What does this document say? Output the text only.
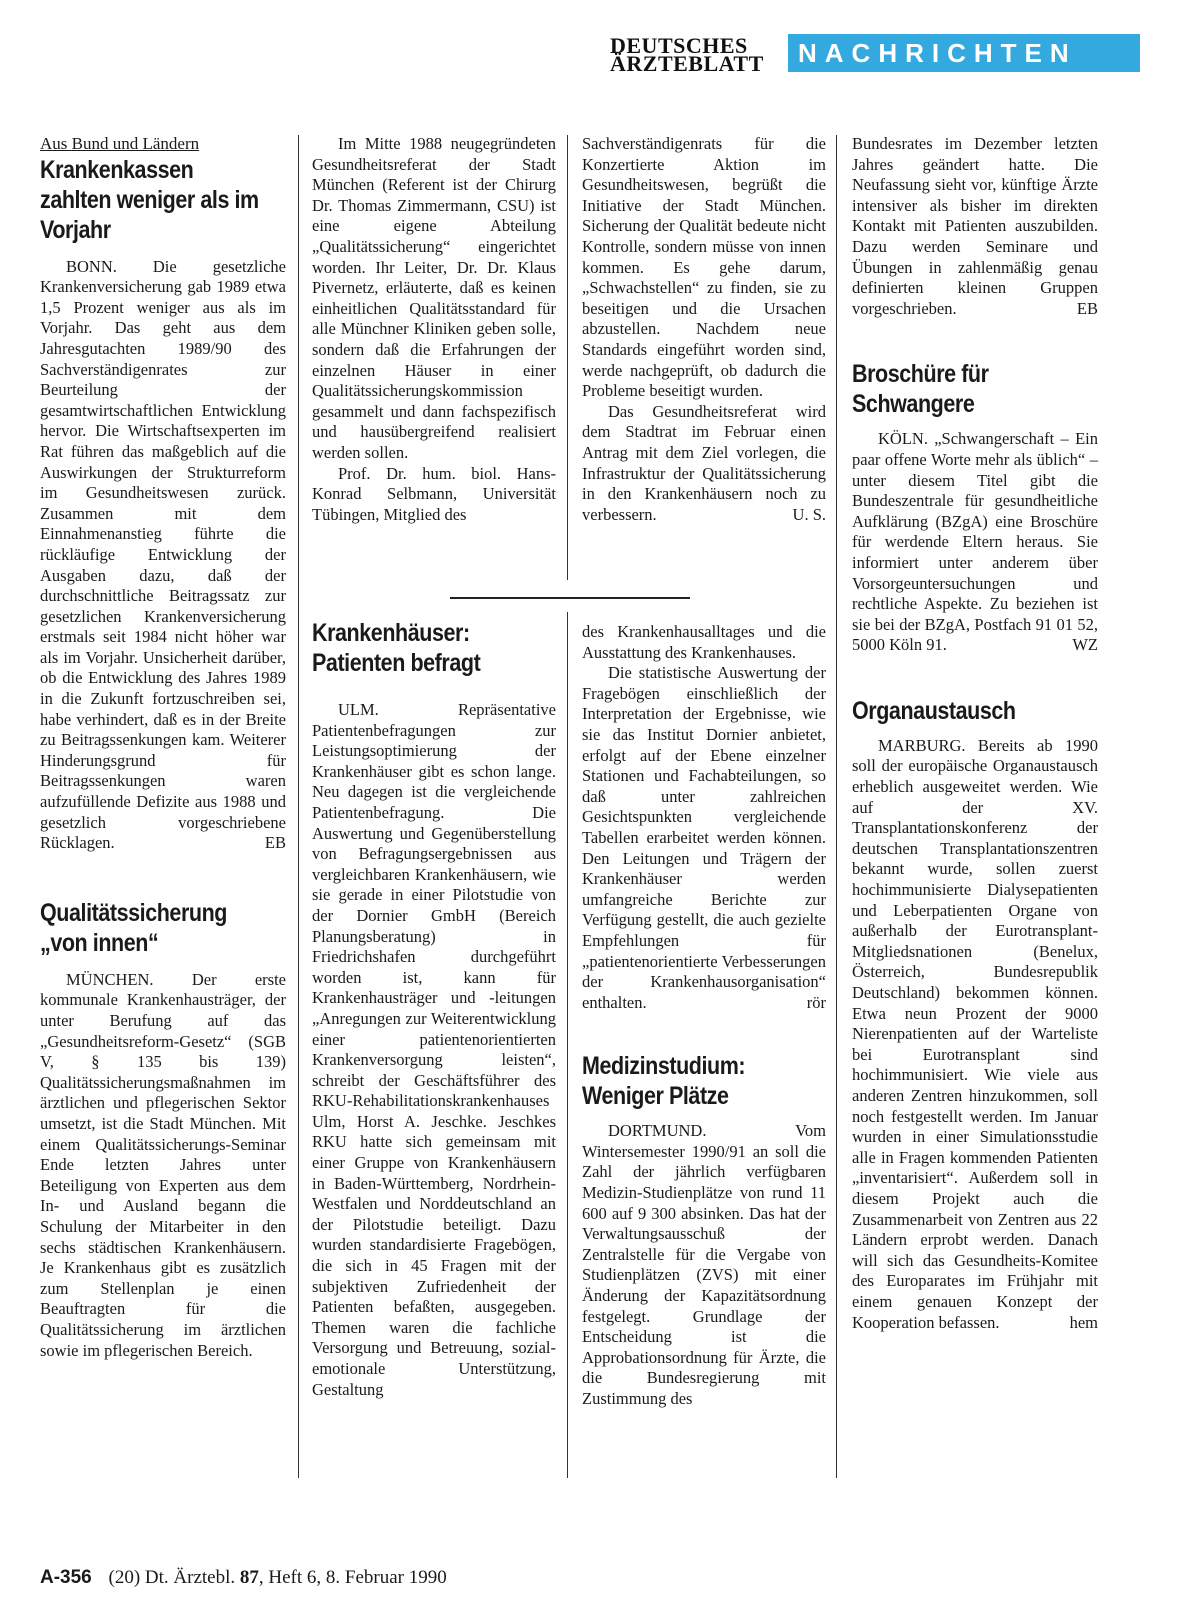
DEUTSCHES
ÄRZTEBLATT	NACHRICHTEN

Aus Bund und Ländern

Krankenkassen zahlten weniger als im Vorjahr

BONN. Die gesetzliche Krankenversicherung gab 1989 etwa 1,5 Prozent weniger aus als im Vorjahr. Das geht aus dem Jahresgutachten 1989/90 des Sachverständigenrates zur Beurteilung der gesamtwirtschaftlichen Entwicklung hervor. Die Wirtschaftsexperten im Rat führen das maßgeblich auf die Auswirkungen der Strukturreform im Gesundheitswesen zurück. Zusammen mit dem Einnahmenanstieg führte die rückläufige Entwicklung der Ausgaben dazu, daß der durchschnittliche Beitragssatz zur gesetzlichen Krankenversicherung erstmals seit 1984 nicht höher war als im Vorjahr. Unsicherheit darüber, ob die Entwicklung des Jahres 1989 in die Zukunft fortzuschreiben sei, habe verhindert, daß es in der Breite zu Beitragssenkungen kam. Weiterer Hinderungsgrund für Beitragssenkungen waren aufzufüllende Defizite aus 1988 und gesetzlich vorgeschriebene Rücklagen.	EB

Qualitätssicherung „von innen“

MÜNCHEN. Der erste kommunale Krankenhausträger, der unter Berufung auf das „Gesundheitsreform-Gesetz“ (SGB V, § 135 bis 139) Qualitätssicherungsmaßnahmen im ärztlichen und pflegerischen Sektor umsetzt, ist die Stadt München. Mit einem Qualitätssicherungs-Seminar Ende letzten Jahres unter Beteiligung von Experten aus dem In- und Ausland begann die Schulung der Mitarbeiter in den sechs städtischen Krankenhäusern. Je Krankenhaus gibt es zusätzlich zum Stellenplan je einen Beauftragten für die Qualitätssicherung im ärztlichen sowie im pflegerischen Bereich.

Im Mitte 1988 neugegründeten Gesundheitsreferat der Stadt München (Referent ist der Chirurg Dr. Thomas Zimmermann, CSU) ist eine eigene Abteilung „Qualitätssicherung“ eingerichtet worden. Ihr Leiter, Dr. Dr. Klaus Pivernetz, erläuterte, daß es keinen einheitlichen Qualitätsstandard für alle Münchner Kliniken geben solle, sondern daß die Erfahrungen der einzelnen Häuser in einer Qualitätssicherungskommission gesammelt und dann fachspezifisch und hausübergreifend realisiert werden sollen.

Prof. Dr. hum. biol. Hans-Konrad Selbmann, Universität Tübingen, Mitglied des

Sachverständigenrats für die Konzertierte Aktion im Gesundheitswesen, begrüßt die Initiative der Stadt München. Sicherung der Qualität bedeute nicht Kontrolle, sondern müsse von innen kommen. Es gehe darum, „Schwachstellen“ zu finden, sie zu beseitigen und die Ursachen abzustellen. Nachdem neue Standards eingeführt worden sind, werde nachgeprüft, ob dadurch die Probleme beseitigt wurden.

Das Gesundheitsreferat wird dem Stadtrat im Februar einen Antrag mit dem Ziel vorlegen, die Infrastruktur der Qualitätssicherung in den Krankenhäusern noch zu verbessern.	U. S.

Krankenhäuser: Patienten befragt

ULM. Repräsentative Patientenbefragungen zur Leistungsoptimierung der Krankenhäuser gibt es schon lange. Neu dagegen ist die vergleichende Patientenbefragung. Die Auswertung und Gegenüberstellung von Befragungsergebnissen aus vergleichbaren Krankenhäusern, wie sie gerade in einer Pilotstudie von der Dornier GmbH (Bereich Planungsberatung) in Friedrichshafen durchgeführt worden ist, kann für Krankenhausträger und -leitungen „Anregungen zur Weiterentwicklung einer patientenorientierten Krankenversorgung leisten“, schreibt der Geschäftsführer des RKU-Rehabilitationskrankenhauses Ulm, Horst A. Jeschke. Jeschkes RKU hatte sich gemeinsam mit einer Gruppe von Krankenhäusern in Baden-Württemberg, Nordrhein-Westfalen und Norddeutschland an der Pilotstudie beteiligt. Dazu wurden standardisierte Fragebögen, die sich in 45 Fragen mit der subjektiven Zufriedenheit der Patienten befaßten, ausgegeben. Themen waren die fachliche Versorgung und Betreuung, sozial-emotionale Unterstützung, Gestaltung

des Krankenhausalltages und die Ausstattung des Krankenhauses.

Die statistische Auswertung der Fragebögen einschließlich der Interpretation der Ergebnisse, wie sie das Institut Dornier anbietet, erfolgt auf der Ebene einzelner Stationen und Fachabteilungen, so daß unter zahlreichen Gesichtspunkten vergleichende Tabellen erarbeitet werden können. Den Leitungen und Trägern der Krankenhäuser werden umfangreiche Berichte zur Verfügung gestellt, die auch gezielte Empfehlungen für „patientenorientierte Verbesserungen der Krankenhausorganisation“ enthalten.	rör

Medizinstudium: Weniger Plätze

DORTMUND. Vom Wintersemester 1990/91 an soll die Zahl der jährlich verfügbaren Medizin-Studienplätze von rund 11 600 auf 9 300 absinken. Das hat der Verwaltungsausschuß der Zentralstelle für die Vergabe von Studienplätzen (ZVS) mit einer Änderung der Kapazitätsordnung festgelegt. Grundlage der Entscheidung ist die Approbationsordnung für Ärzte, die die Bundesregierung mit Zustimmung des

Bundesrates im Dezember letzten Jahres geändert hatte. Die Neufassung sieht vor, künftige Ärzte intensiver als bisher im direkten Kontakt mit Patienten auszubilden. Dazu werden Seminare und Übungen in zahlenmäßig genau definierten kleinen Gruppen vorgeschrieben.	EB

Broschüre für Schwangere

KÖLN. „Schwangerschaft – Ein paar offene Worte mehr als üblich“ – unter diesem Titel gibt die Bundeszentrale für gesundheitliche Aufklärung (BZgA) eine Broschüre für werdende Eltern heraus. Sie informiert unter anderem über Vorsorgeuntersuchungen und rechtliche Aspekte. Zu beziehen ist sie bei der BZgA, Postfach 91 01 52, 5000 Köln 91.	WZ

Organaustausch

MARBURG. Bereits ab 1990 soll der europäische Organaustausch erheblich ausgeweitet werden. Wie auf der XV. Transplantationskonferenz der deutschen Transplantationszentren bekannt wurde, sollen zuerst hochimmunisierte Dialysepatienten und Leberpatienten Organe von außerhalb der Eurotransplant-Mitgliedsnationen (Benelux, Österreich, Bundesrepublik Deutschland) bekommen können. Etwa neun Prozent der 9000 Nierenpatienten auf der Warteliste bei Eurotransplant sind hochimmunisiert. Wie viele aus anderen Zentren hinzukommen, soll noch festgestellt werden. Im Januar wurden in einer Simulationsstudie alle in Fragen kommenden Patienten „inventarisiert“. Außerdem soll in diesem Projekt auch die Zusammenarbeit von Zentren aus 22 Ländern erprobt werden. Danach will sich das Gesundheits-Komitee des Europarates im Frühjahr mit einem genauen Konzept der Kooperation befassen.	hem

A-356 (20) Dt. Ärztebl. 87, Heft 6, 8. Februar 1990
